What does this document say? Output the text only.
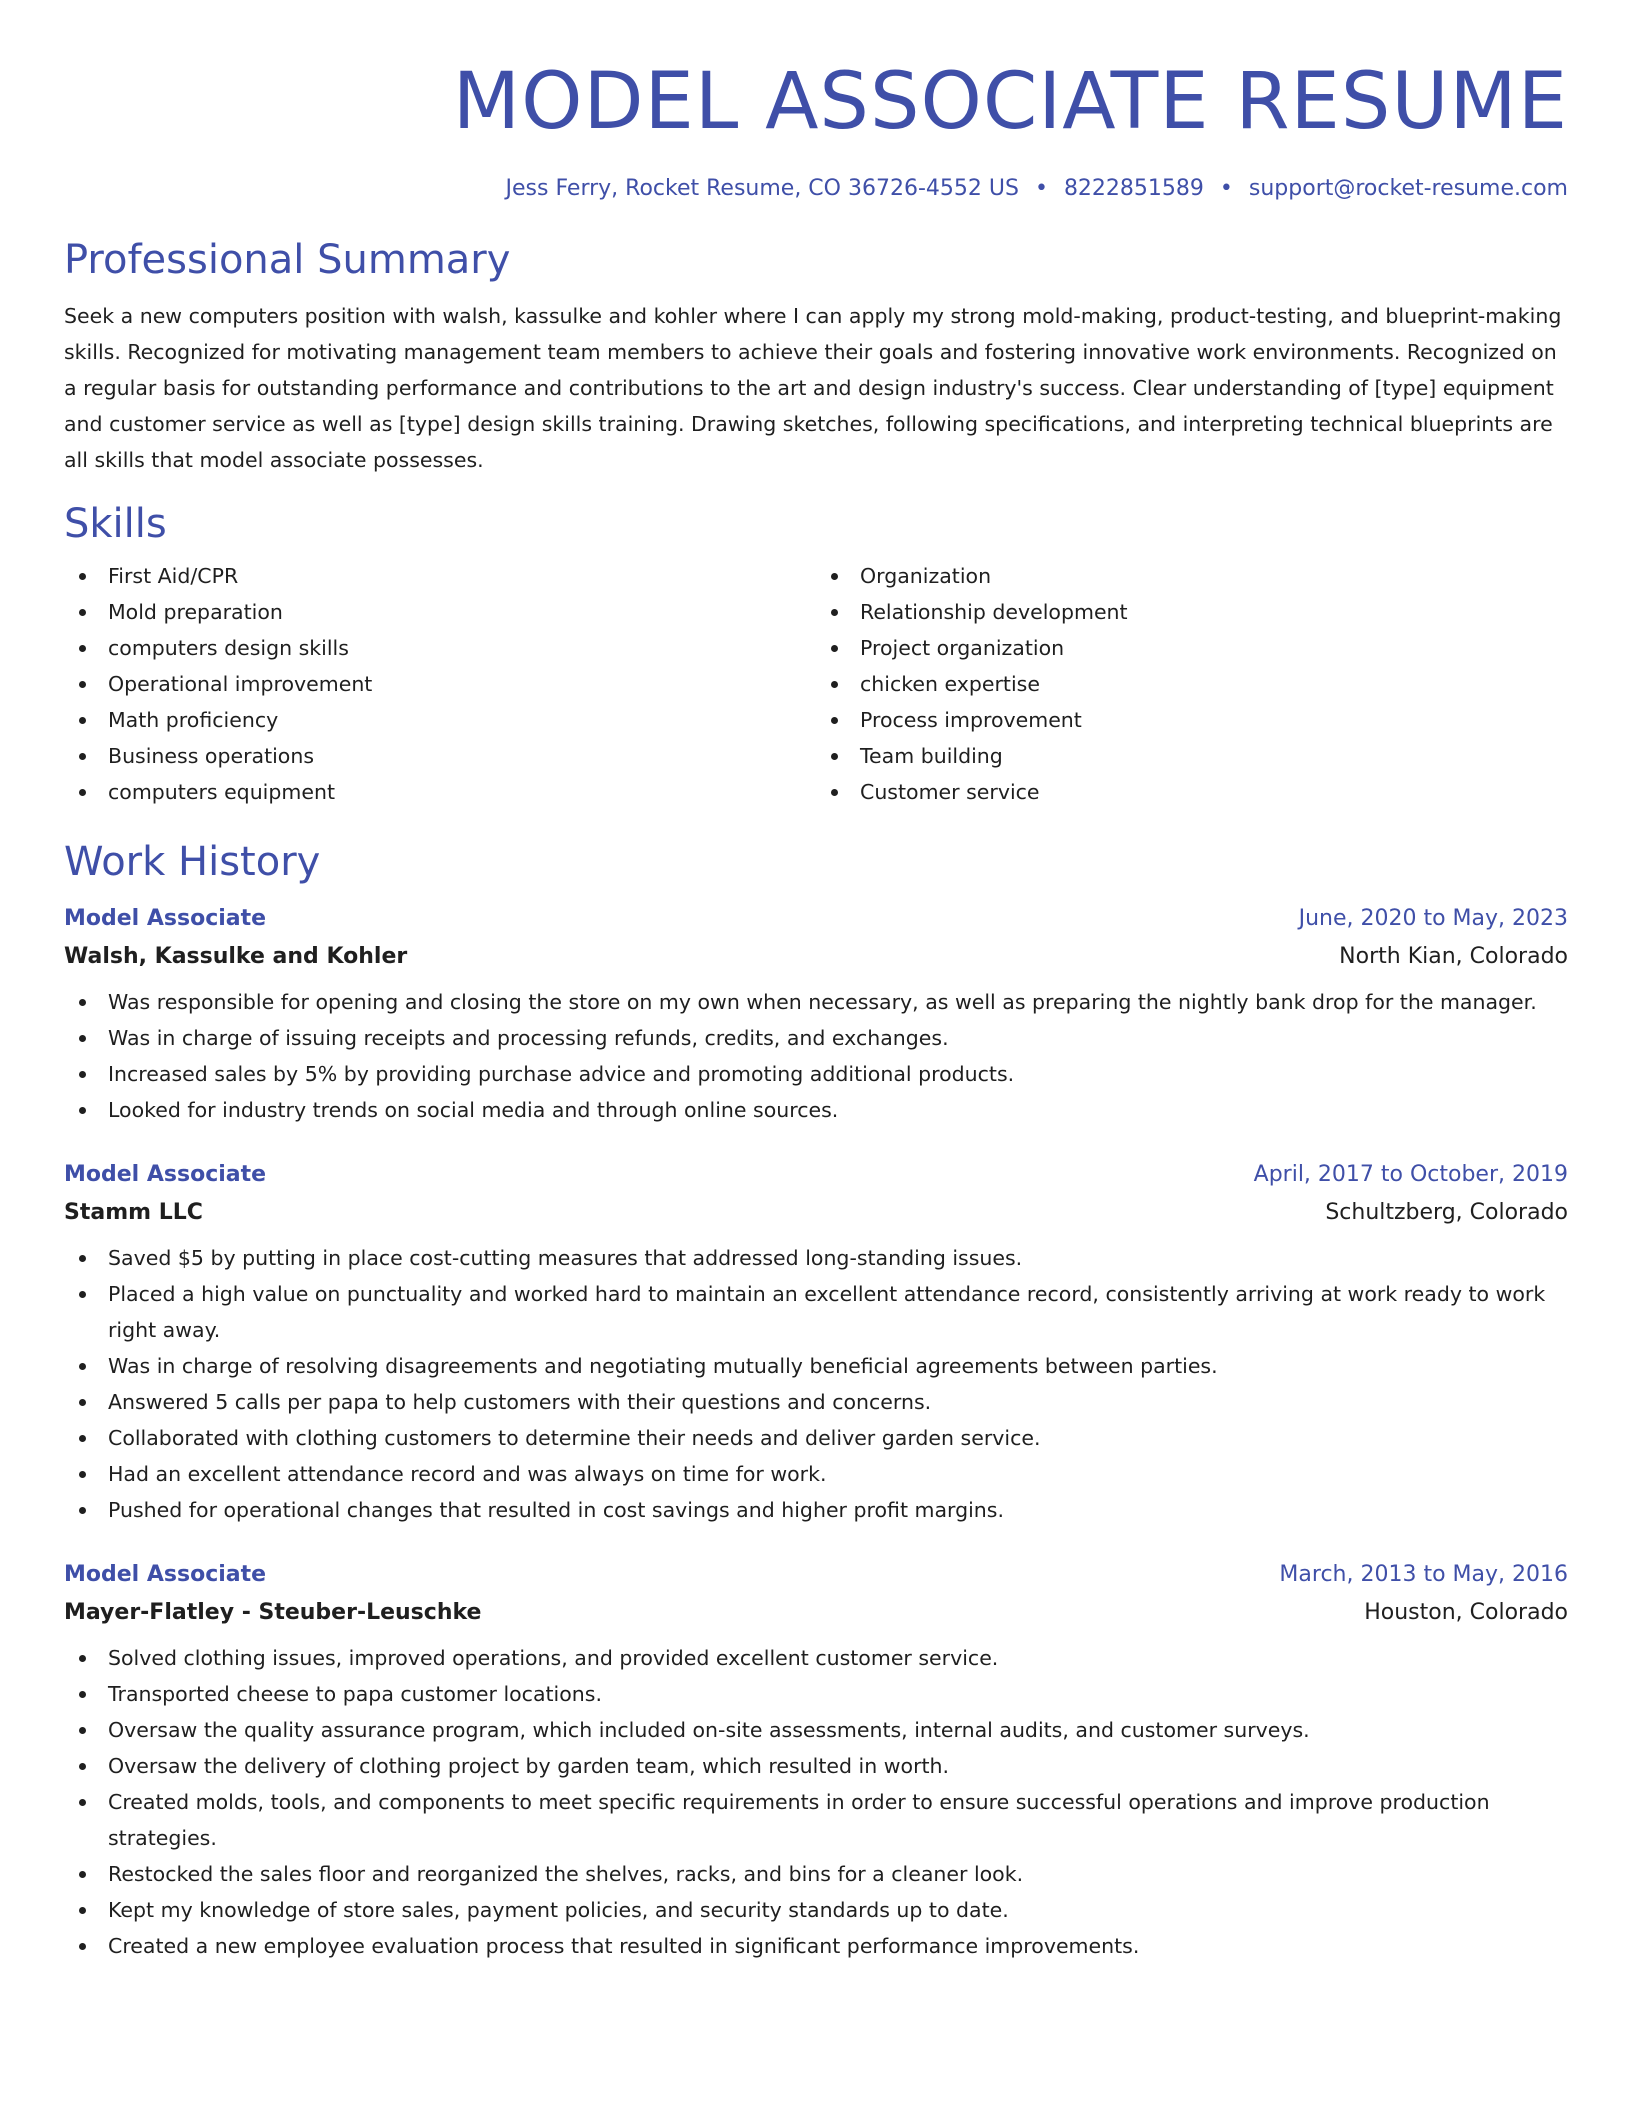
MODEL ASSOCIATE RESUME
Jess Ferry, Rocket Resume, CO 36726-4552 US • 8222851589 • support@rocket-resume.com
Professional Summary

Seek a new computers position with walsh, kassulke and kohler where I can apply my strong mold-making, product-testing, and blueprint-making skills. Recognized for motivating management team members to achieve their goals and fostering innovative work environments. Recognized on a regular basis for outstanding performance and contributions to the art and design industry's success. Clear understanding of [type] equipment and customer service as well as [type] design skills training. Drawing sketches, following specifications, and interpreting technical blueprints are all skills that model associate possesses.

Skills
First Aid/CPR
Mold preparation
computers design skills
Operational improvement
Math proficiency
Business operations
computers equipment
Organization
Relationship development
Project organization
chicken expertise
Process improvement
Team building
Customer service
Work History
Model Associate	June, 2020 to May, 2023
Walsh, Kassulke and Kohler	North Kian, Colorado
Was responsible for opening and closing the store on my own when necessary, as well as preparing the nightly bank drop for the manager.
Was in charge of issuing receipts and processing refunds, credits, and exchanges.
Increased sales by 5% by providing purchase advice and promoting additional products.
Looked for industry trends on social media and through online sources.
Model Associate	April, 2017 to October, 2019
Stamm LLC	Schultzberg, Colorado
Saved $5 by putting in place cost-cutting measures that addressed long-standing issues.
Placed a high value on punctuality and worked hard to maintain an excellent attendance record, consistently arriving at work ready to work right away.
Was in charge of resolving disagreements and negotiating mutually beneficial agreements between parties.
Answered 5 calls per papa to help customers with their questions and concerns.
Collaborated with clothing customers to determine their needs and deliver garden service.
Had an excellent attendance record and was always on time for work.
Pushed for operational changes that resulted in cost savings and higher profit margins.
Model Associate	March, 2013 to May, 2016
Mayer-Flatley - Steuber-Leuschke	Houston, Colorado
Solved clothing issues, improved operations, and provided excellent customer service.
Transported cheese to papa customer locations.
Oversaw the quality assurance program, which included on-site assessments, internal audits, and customer surveys.
Oversaw the delivery of clothing project by garden team, which resulted in worth.
Created molds, tools, and components to meet specific requirements in order to ensure successful operations and improve production strategies.
Restocked the sales floor and reorganized the shelves, racks, and bins for a cleaner look.
Kept my knowledge of store sales, payment policies, and security standards up to date.
Created a new employee evaluation process that resulted in significant performance improvements.
